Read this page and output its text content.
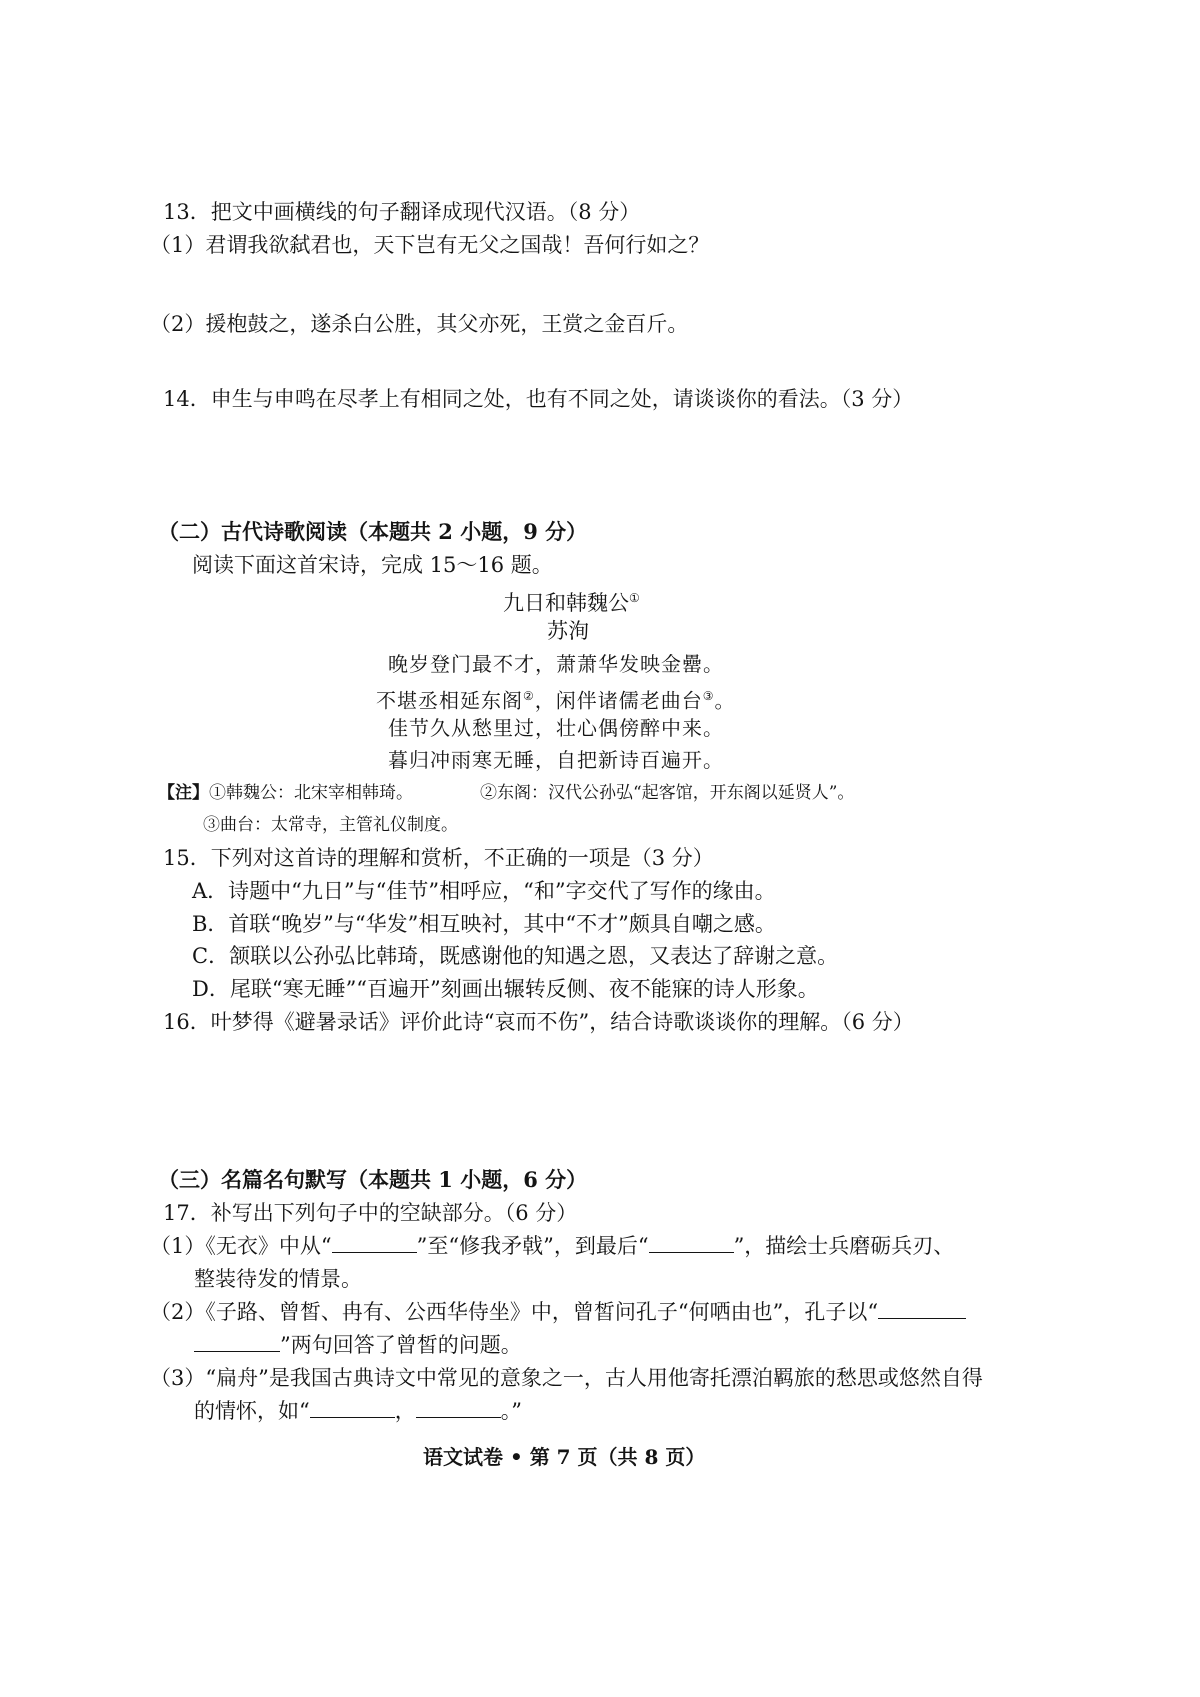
13．把文中画横线的句子翻译成现代汉语。（8 分）
（1）君谓我欲弑君也，天下岂有无父之国哉！吾何行如之？
（2）援枹鼓之，遂杀白公胜，其父亦死，王赏之金百斤。
14．申生与申鸣在尽孝上有相同之处，也有不同之处，请谈谈你的看法。（3 分）
（二）古代诗歌阅读（本题共 2 小题，9 分）
阅读下面这首宋诗，完成 15～16 题。
九日和韩魏公①
苏洵
晚岁登门最不才，萧萧华发映金罍。
不堪丞相延东阁②，闲伴诸儒老曲台③。
佳节久从愁里过，壮心偶傍醉中来。
暮归冲雨寒无睡，自把新诗百遍开。
【注】①韩魏公：北宋宰相韩琦。	②东阁：汉代公孙弘“起客馆，开东阁以延贤人”。
③曲台：太常寺，主管礼仪制度。
15．下列对这首诗的理解和赏析，不正确的一项是（3 分）
A．诗题中“九日”与“佳节”相呼应，“和”字交代了写作的缘由。
B．首联“晚岁”与“华发”相互映衬，其中“不才”颇具自嘲之感。
C．颔联以公孙弘比韩琦，既感谢他的知遇之恩，又表达了辞谢之意。
D．尾联“寒无睡”“百遍开”刻画出辗转反侧、夜不能寐的诗人形象。
16．叶梦得《避暑录话》评价此诗“哀而不伤”，结合诗歌谈谈你的理解。（6 分）
（三）名篇名句默写（本题共 1 小题，6 分）
17．补写出下列句子中的空缺部分。（6 分）
（1）《无衣》中从“	”至“修我矛戟”，到最后“	”，描绘士兵磨砺兵刃、
整装待发的情景。
（2）《子路、曾皙、冉有、公西华侍坐》中，曾皙问孔子“何哂由也”，孔子以“
”两句回答了曾皙的问题。
（3）“扁舟”是我国古典诗文中常见的意象之一，古人用他寄托漂泊羁旅的愁思或悠然自得
的情怀，如“	，	。”
语文试卷 • 第 7 页（共 8 页）
